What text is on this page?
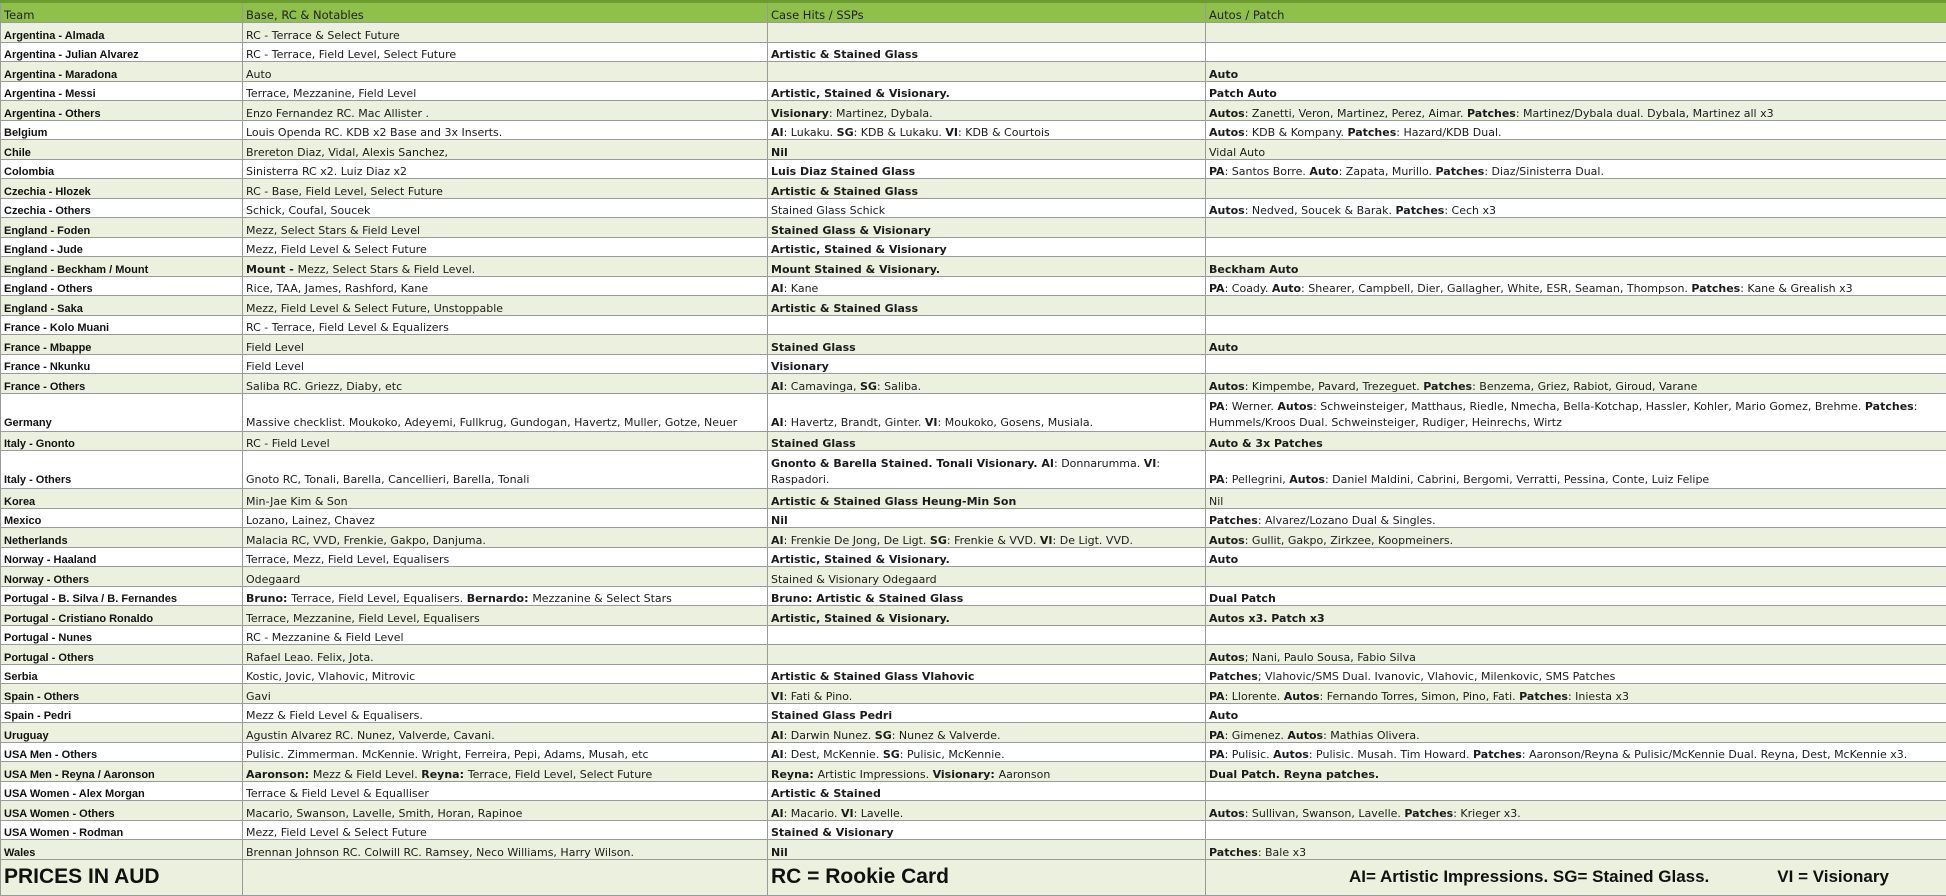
Team	Base, RC & Notables	Case Hits / SSPs	Autos / Patch
Argentina - Almada	RC - Terrace & Select Future		
Argentina - Julian Alvarez	RC - Terrace, Field Level, Select Future	Artistic & Stained Glass	
Argentina - Maradona	Auto		Auto
Argentina - Messi	Terrace, Mezzanine, Field Level	Artistic, Stained & Visionary.	Patch Auto
Argentina - Others	Enzo Fernandez RC. Mac Allister .	Visionary: Martinez, Dybala.	Autos: Zanetti, Veron, Martinez, Perez, Aimar. Patches: Martinez/Dybala dual. Dybala, Martinez all x3
Belgium	Louis Openda RC. KDB x2 Base and 3x Inserts.	AI: Lukaku. SG: KDB & Lukaku. VI: KDB & Courtois	Autos: KDB & Kompany. Patches: Hazard/KDB Dual.
Chile	Brereton Diaz, Vidal, Alexis Sanchez,	Nil	Vidal Auto
Colombia	Sinisterra RC x2. Luiz Diaz x2	Luis Diaz Stained Glass	PA: Santos Borre. Auto: Zapata, Murillo. Patches: Diaz/Sinisterra Dual.
Czechia - Hlozek	RC - Base, Field Level, Select Future	Artistic & Stained Glass	
Czechia - Others	Schick, Coufal, Soucek	Stained Glass Schick	Autos: Nedved, Soucek & Barak. Patches: Cech x3
England - Foden	Mezz, Select Stars & Field Level	Stained Glass & Visionary	
England - Jude	Mezz, Field Level & Select Future	Artistic, Stained & Visionary	
England - Beckham / Mount	Mount - Mezz, Select Stars & Field Level.	Mount Stained & Visionary.	Beckham Auto
England - Others	Rice, TAA, James, Rashford, Kane	AI: Kane	PA: Coady. Auto: Shearer, Campbell, Dier, Gallagher, White, ESR, Seaman, Thompson. Patches: Kane & Grealish x3
England - Saka	Mezz, Field Level & Select Future, Unstoppable	Artistic & Stained Glass	
France - Kolo Muani	RC - Terrace, Field Level & Equalizers		
France - Mbappe	Field Level	Stained Glass	Auto
France - Nkunku	Field Level	Visionary	
France - Others	Saliba RC. Griezz, Diaby, etc	AI: Camavinga, SG: Saliba.	Autos: Kimpembe, Pavard, Trezeguet. Patches: Benzema, Griez, Rabiot, Giroud, Varane
Germany	Massive checklist. Moukoko, Adeyemi, Fullkrug, Gundogan, Havertz, Muller, Gotze, Neuer	AI: Havertz, Brandt, Ginter. VI: Moukoko, Gosens, Musiala.	PA: Werner. Autos: Schweinsteiger, Matthaus, Riedle, Nmecha, Bella-Kotchap, Hassler, Kohler, Mario Gomez, Brehme. Patches: Hummels/Kroos Dual. Schweinsteiger, Rudiger, Heinrechs, Wirtz
Italy - Gnonto	RC - Field Level	Stained Glass	Auto & 3x Patches
Italy - Others	Gnoto RC, Tonali, Barella, Cancellieri, Barella, Tonali	Gnonto & Barella Stained. Tonali Visionary. AI: Donnarumma. VI: Raspadori.	PA: Pellegrini, Autos: Daniel Maldini, Cabrini, Bergomi, Verratti, Pessina, Conte, Luiz Felipe
Korea	Min-Jae Kim & Son	Artistic & Stained Glass Heung-Min Son	Nil
Mexico	Lozano, Lainez, Chavez	Nil	Patches: Alvarez/Lozano Dual & Singles.
Netherlands	Malacia RC, VVD, Frenkie, Gakpo, Danjuma.	AI: Frenkie De Jong, De Ligt. SG: Frenkie & VVD. VI: De Ligt. VVD.	Autos: Gullit, Gakpo, Zirkzee, Koopmeiners.
Norway - Haaland	Terrace, Mezz, Field Level, Equalisers	Artistic, Stained & Visionary.	Auto
Norway - Others	Odegaard	Stained & Visionary Odegaard	
Portugal - B. Silva / B. Fernandes	Bruno: Terrace, Field Level, Equalisers. Bernardo: Mezzanine & Select Stars	Bruno: Artistic & Stained Glass	Dual Patch
Portugal - Cristiano Ronaldo	Terrace, Mezzanine, Field Level, Equalisers	Artistic, Stained & Visionary.	Autos x3. Patch x3
Portugal - Nunes	RC - Mezzanine & Field Level		
Portugal - Others	Rafael Leao. Felix, Jota.		Autos; Nani, Paulo Sousa, Fabio Silva
Serbia	Kostic, Jovic, Vlahovic, Mitrovic	Artistic & Stained Glass Vlahovic	Patches; Vlahovic/SMS Dual. Ivanovic, Vlahovic, Milenkovic, SMS Patches
Spain - Others	Gavi	VI: Fati & Pino.	PA: Llorente. Autos: Fernando Torres, Simon, Pino, Fati. Patches: Iniesta x3
Spain - Pedri	Mezz & Field Level & Equalisers.	Stained Glass Pedri	Auto
Uruguay	Agustin Alvarez RC. Nunez, Valverde, Cavani.	AI: Darwin Nunez. SG: Nunez & Valverde.	PA: Gimenez. Autos: Mathias Olivera.
USA Men - Others	Pulisic. Zimmerman. McKennie. Wright, Ferreira, Pepi, Adams, Musah, etc	AI: Dest, McKennie. SG: Pulisic, McKennie.	PA: Pulisic. Autos: Pulisic. Musah. Tim Howard. Patches: Aaronson/Reyna & Pulisic/McKennie Dual. Reyna, Dest, McKennie x3.
USA Men - Reyna / Aaronson	Aaronson: Mezz & Field Level. Reyna: Terrace, Field Level, Select Future	Reyna: Artistic Impressions. Visionary: Aaronson	Dual Patch. Reyna patches.
USA Women - Alex Morgan	Terrace & Field Level & Equalliser	Artistic & Stained	
USA Women - Others	Macario, Swanson, Lavelle, Smith, Horan, Rapinoe	AI: Macario. VI: Lavelle.	Autos: Sullivan, Swanson, Lavelle. Patches: Krieger x3.
USA Women - Rodman	Mezz, Field Level & Select Future	Stained & Visionary	
Wales	Brennan Johnson RC. Colwill RC. Ramsey, Neco Williams, Harry Wilson.	Nil	Patches: Bale x3
PRICES IN AUD		RC = Rookie Card	AI= Artistic Impressions. SG= Stained Glass. VI = Visionary
